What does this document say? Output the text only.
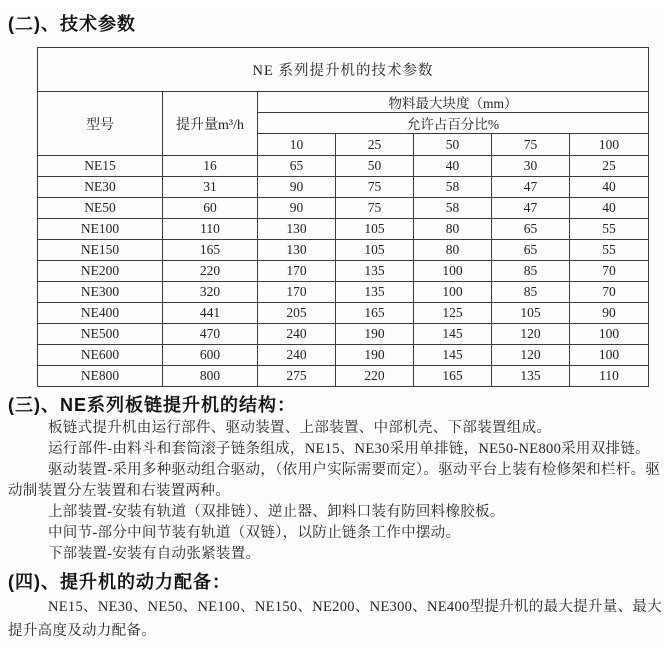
(二)、技术参数
NE 系列提升机的技术参数						
型号	提升量m³/h	物料最大块度（mm）				
		允许占百分比%				
		10	25	50	75	100
NE15	16	65	50	40	30	25
NE30	31	90	75	58	47	40
NE50	60	90	75	58	47	40
NE100	110	130	105	80	65	55
NE150	165	130	105	80	65	55
NE200	220	170	135	100	85	70
NE300	320	170	135	100	85	70
NE400	441	205	165	125	105	90
NE500	470	240	190	145	120	100
NE600	600	240	190	145	120	100
NE800	800	275	220	165	135	110
(三)、NE系列板链提升机的结构：

板链式提升机由运行部件、驱动装置、上部装置、中部机壳、下部装置组成。

运行部件-由料斗和套筒滚子链条组成，NE15、NE30采用单排链，NE50-NE800采用双排链。

驱动装置-采用多种驱动组合驱动，（依用户实际需要而定）。驱动平台上装有检修架和栏杆。驱

动制装置分左装置和右装置两种。

上部装置-安装有轨道（双排链）、逆止器、卸料口装有防回料橡胶板。

中间节-部分中间节装有轨道（双链），以防止链条工作中摆动。

下部装置-安装有自动张紧装置。

(四)、提升机的动力配备：

NE15、NE30、NE50、NE100、NE150、NE200、NE300、NE400型提升机的最大提升量、最大

提升高度及动力配备。
